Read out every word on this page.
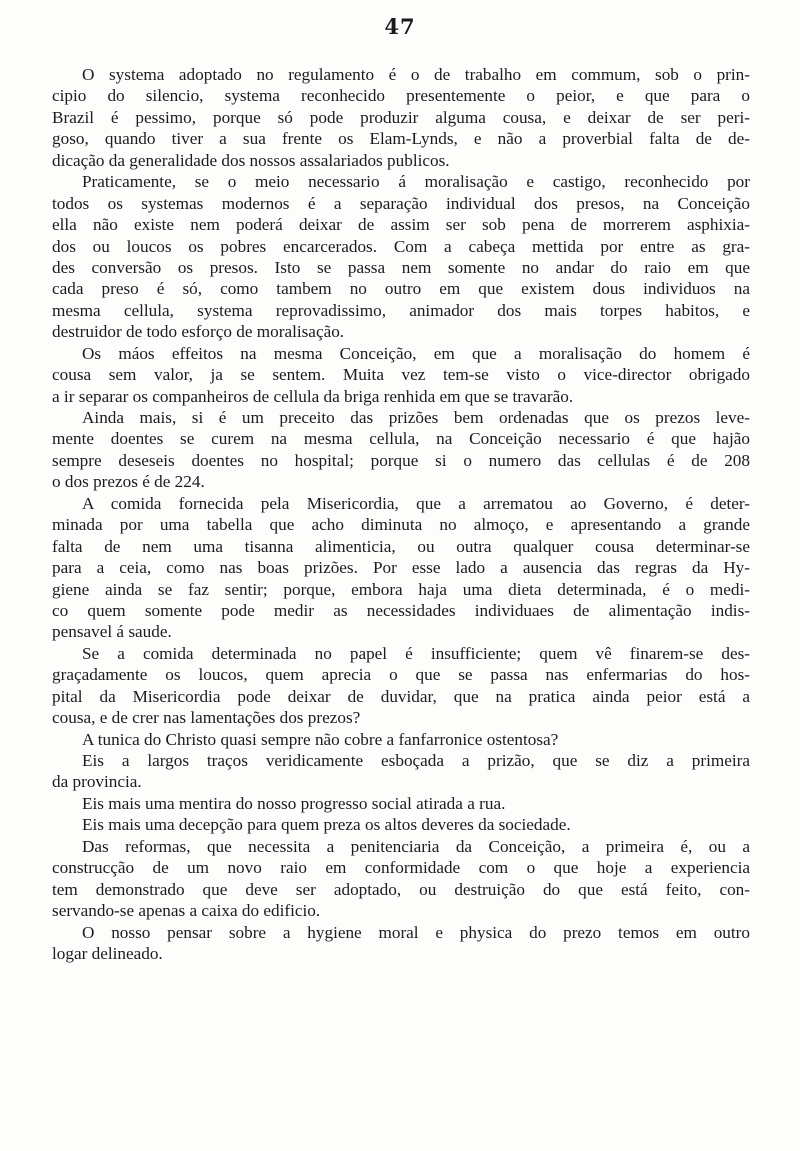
47
O systema adoptado no regulamento é o de trabalho em commum, sob o prin-
cipio do silencio, systema reconhecido presentemente o peior, e que para o
Brazil é pessimo, porque só pode produzir alguma cousa, e deixar de ser peri-
goso, quando tiver a sua frente os Elam-Lynds, e não a proverbial falta de de-
dicação da generalidade dos nossos assalariados publicos.
Praticamente, se o meio necessario á moralisação e castigo, reconhecido por
todos os systemas modernos é a separação individual dos presos, na Conceição
ella não existe nem poderá deixar de assim ser sob pena de morrerem asphixia-
dos ou loucos os pobres encarcerados. Com a cabeça mettida por entre as gra-
des conversão os presos. Isto se passa nem somente no andar do raio em que
cada preso é só, como tambem no outro em que existem dous individuos na
mesma cellula, systema reprovadissimo, animador dos mais torpes habitos, e
destruidor de todo esforço de moralisação.
Os máos effeitos na mesma Conceição, em que a moralisação do homem é
cousa sem valor, ja se sentem. Muita vez tem-se visto o vice-director obrigado
a ir separar os companheiros de cellula da briga renhida em que se travarão.
Ainda mais, si é um preceito das prizões bem ordenadas que os prezos leve-
mente doentes se curem na mesma cellula, na Conceição necessario é que hajão
sempre deseseis doentes no hospital; porque si o numero das cellulas é de 208
o dos prezos é de 224.
A comida fornecida pela Misericordia, que a arrematou ao Governo, é deter-
minada por uma tabella que acho diminuta no almoço, e apresentando a grande
falta de nem uma tisanna alimenticia, ou outra qualquer cousa determinar-se
para a ceia, como nas boas prizões. Por esse lado a ausencia das regras da Hy-
giene ainda se faz sentir; porque, embora haja uma dieta determinada, é o medi-
co quem somente pode medir as necessidades individuaes de alimentação indis-
pensavel á saude.
Se a comida determinada no papel é insufficiente; quem vê finarem-se des-
graçadamente os loucos, quem aprecia o que se passa nas enfermarias do hos-
pital da Misericordia pode deixar de duvidar, que na pratica ainda peior está a
cousa, e de crer nas lamentações dos prezos?
A tunica do Christo quasi sempre não cobre a fanfarronice ostentosa?
Eis a largos traços veridicamente esboçada a prizão, que se diz a primeira
da provincia.
Eis mais uma mentira do nosso progresso social atirada a rua.
Eis mais uma decepção para quem preza os altos deveres da sociedade.
Das reformas, que necessita a penitenciaria da Conceição, a primeira é, ou a
construcção de um novo raio em conformidade com o que hoje a experiencia
tem demonstrado que deve ser adoptado, ou destruição do que está feito, con-
servando-se apenas a caixa do edificio.
O nosso pensar sobre a hygiene moral e physica do prezo temos em outro
logar delineado.
